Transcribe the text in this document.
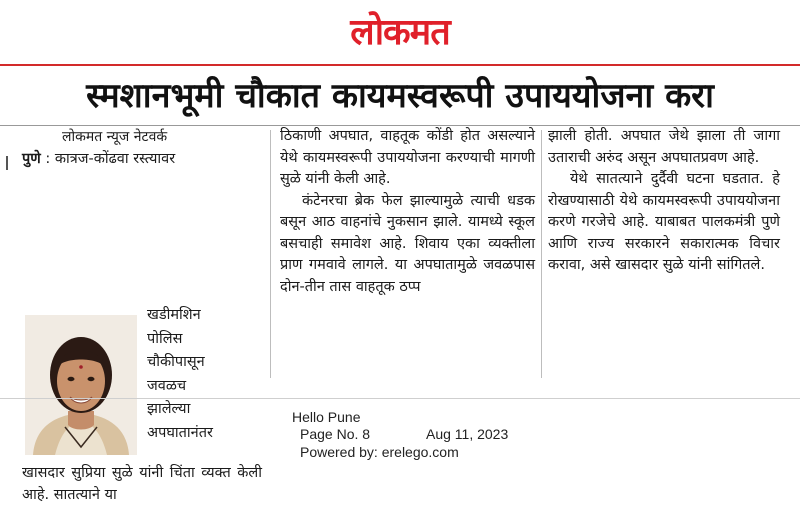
लोकमत
स्मशानभूमी चौकात कायमस्वरूपी उपाययोजना करा
लोकमत न्यूज नेटवर्क
पुणे : कात्रज-कोंढवा रस्त्यावर
खडीमशिन
पोलिस
चौकीपासून
जवळच
झालेल्या
अपघातानंतर
खासदार सुप्रिया सुळे यांनी चिंता व्यक्त केली आहे. सातत्याने या

ठिकाणी अपघात, वाहतूक कोंडी होत असल्याने येथे कायमस्वरूपी उपाययोजना करण्याची मागणी सुळे यांनी केली आहे.

कंटेनरचा ब्रेक फेल झाल्यामुळे त्याची धडक बसून आठ वाहनांचे नुकसान झाले. यामध्ये स्कूल बसचाही समावेश आहे. शिवाय एका व्यक्तीला प्राण गमवावे लागले. या अपघातामुळे जवळपास दोन-तीन तास वाहतूक ठप्प

झाली होती. अपघात जेथे झाला ती जागा उताराची अरुंद असून अपघातप्रवण आहे.

येथे सातत्याने दुर्दैवी घटना घडतात. हे रोखण्यासाठी येथे कायमस्वरूपी उपाययोजना करणे गरजेचे आहे. याबाबत पालकमंत्री पुणे आणि राज्य सरकारने सकारात्मक विचार करावा, असे खासदार सुळे यांनी सांगितले.

Hello Pune
Page No. 8	Aug 11, 2023
Powered by: erelego.com
